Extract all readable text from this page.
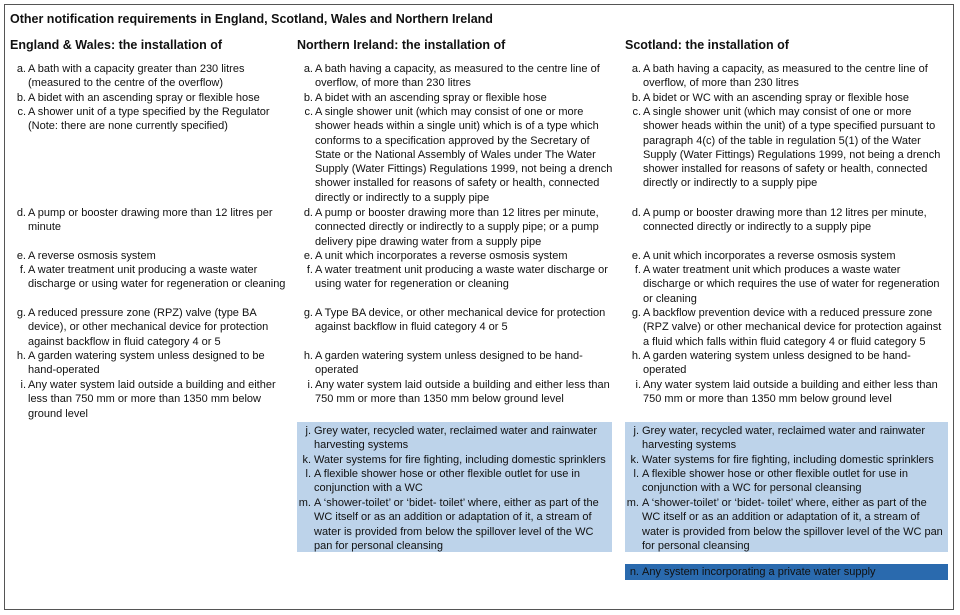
Other notification requirements in England, Scotland, Wales and Northern Ireland
England & Wales: the installation of
a. A bath with a capacity greater than 230 litres (measured to the centre of the overflow)
b. A bidet with an ascending spray or flexible hose
c. A shower unit of a type specified by the Regulator (Note: there are none currently specified)
d. A pump or booster drawing more than 12 litres per minute
e. A reverse osmosis system
f. A water treatment unit producing a waste water discharge or using water for regeneration or cleaning
g. A reduced pressure zone (RPZ) valve (type BA device), or other mechanical device for protection against backflow in fluid category 4 or 5
h. A garden watering system unless designed to be hand-operated
i. Any water system laid outside a building and either less than 750 mm or more than 1350 mm below ground level
Northern Ireland: the installation of
a. A bath having a capacity, as measured to the centre line of overflow, of more than 230 litres
b. A bidet with an ascending spray or flexible hose
c. A single shower unit (which may consist of one or more shower heads within a single unit) which is of a type which conforms to a specification approved by the Secretary of State or the National Assembly of Wales under The Water Supply (Water Fittings) Regulations 1999, not being a drench shower installed for reasons of safety or health, connected directly or indirectly to a supply pipe
d. A pump or booster drawing more than 12 litres per minute, connected directly or indirectly to a supply pipe; or a pump delivery pipe drawing water from a supply pipe
e. A unit which incorporates a reverse osmosis system
f. A water treatment unit producing a waste water discharge or using water for regeneration or cleaning
g. A Type BA device, or other mechanical device for protection against backflow in fluid category 4 or 5
h. A garden watering system unless designed to be hand-operated
i. Any water system laid outside a building and either less than 750 mm or more than 1350 mm below ground level
j. Grey water, recycled water, reclaimed water and rainwater harvesting systems
k. Water systems for fire fighting, including domestic sprinklers
l. A flexible shower hose or other flexible outlet for use in conjunction with a WC
m. A ‘shower-toilet’ or ‘bidet- toilet’ where, either as part of the WC itself or as an addition or adaptation of it, a stream of water is provided from below the spillover level of the WC pan for personal cleansing
Scotland: the installation of
a. A bath having a capacity, as measured to the centre line of overflow, of more than 230 litres
b. A bidet or WC with an ascending spray or flexible hose
c. A single shower unit (which may consist of one or more shower heads within the unit) of a type specified pursuant to paragraph 4(c) of the table in regulation 5(1) of the Water Supply (Water Fittings) Regulations 1999, not being a drench shower installed for reasons of safety or health, connected directly or indirectly to a supply pipe
d. A pump or booster drawing more than 12 litres per minute, connected directly or indirectly to a supply pipe
e. A unit which incorporates a reverse osmosis system
f. A water treatment unit which produces a waste water discharge or which requires the use of water for regeneration or cleaning
g. A backflow prevention device with a reduced pressure zone (RPZ valve) or other mechanical device for protection against a fluid which falls within fluid category 4 or fluid category 5
h. A garden watering system unless designed to be hand-operated
i. Any water system laid outside a building and either less than 750 mm or more than 1350 mm below ground level
j. Grey water, recycled water, reclaimed water and rainwater harvesting systems
k. Water systems for fire fighting, including domestic sprinklers
l. A flexible shower hose or other flexible outlet for use in conjunction with a WC for personal cleansing
m. A ‘shower-toilet’ or ‘bidet- toilet’ where, either as part of the WC itself or as an addition or adaptation of it, a stream of water is provided from below the spillover level of the WC pan for personal cleansing
n. Any system incorporating a private water supply
